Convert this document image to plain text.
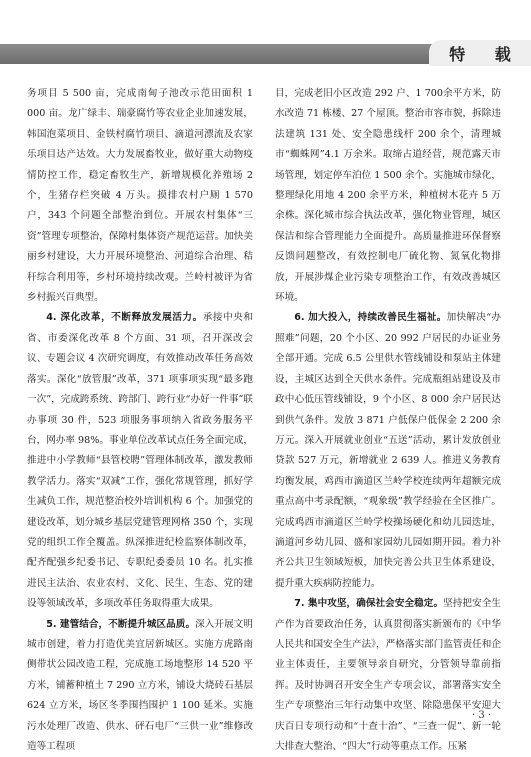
特 载

务项目 5 500 亩，完成南甸子池改示范田面积 1 000 亩。龙广绿丰、瑞豪腐竹等农业企业加速发展，韩国泡菜项目、金铁村腐竹项目、滴道河漂流及农家乐项目达产达效。大力发展畜牧业，做好重大动物疫情防控工作，稳定畜牧生产，新增规模化养殖场 2 个，生猪存栏突破 4 万头。摸排农村户厕 1 570 户，343 个问题全部整治到位。开展农村集体“三资”管理专项整治，保障村集体资产规范运营。加快美丽乡村建设，大力开展环境整治、河道综合治理、秸秆综合利用等，乡村环境持续改观。兰岭村被评为省乡村振兴百典型。

4. 深化改革，不断释放发展活力。承接中央和省、市委深化改革 8 个方面、31 项，召开深改会议、专题会议 4 次研究调度，有效推动改革任务高效落实。深化“放管服”改革，371 项事项实现“最多跑一次”，完成跨系统、跨部门、跨行业“办好一件事”联办事项 30 件，523 项服务事项纳入省政务服务平台，网办率 98%。事业单位改革试点任务全面完成，推进中小学教师“县管校聘”管理体制改革，激发教师教学活力。落实“双减”工作，强化常规管理，抓好学生减负工作，规范整治校外培训机构 6 个。加强党的建设改革，划分城乡基层党建管理网格 350 个，实现党的组织工作全覆盖。纵深推进纪检监察体制改革，配齐配强乡纪委书记、专职纪委委员 10 名。扎实推进民主法治、农业农村、文化、民生、生态、党的建设等领域改革，多项改革任务取得重大成果。

5. 建管结合，不断提升城区品质。深入开展文明城市创建，着力打造优美宜居新城区。实施方虎路南侧带状公园改造工程，完成施工场地整形 14 520 平方米，铺蓄种植土 7 290 立方米，铺设大烧砖石基层 624 立方米，场区冬季围挡围护 1 100 延米。实施污水处理厂改造、供水、砰石电厂“三供一业”维修改造等工程项

目，完成老旧小区改造 292 户、1 700余平方米，防水改造 71 栋楼、27 个屋顶。整治市容市貌，拆除违法建筑 131 处、安全隐患线杆 200 余个，清理城市“蜘蛛网”4.1 万余米。取缔占道经营，规范露天市场管理，划定停车泊位 1 500 余个。实施城市绿化，整理绿化用地 4 200 余平方米，种植树木花卉 5 万余株。深化城市综合执法改革，强化物业管理，城区保洁和综合管理能力全面提升。高质量推进环保督察反馈问题整改，有效控制电厂硫化物、氮氧化物排放，开展涉煤企业污染专项整治工作，有效改善城区环境。

6. 加大投入，持续改善民生福祉。加快解决“办照难”问题，20 个小区、20 992 户居民的办证业务全部开通。完成 6.5 公里供水管线铺设和泵站主体建设，主城区达到全天供水条件。完成瓶组站建设及市政中心低压管线铺设，9 个小区、8 000 余户居民达到供气条件。发放 3 871 户低保户低保金 2 200 余万元。深入开展就业创业“五送”活动，累计发放创业贷款 527 万元，新增就业 2 639 人。推进义务教育均衡发展，鸡西市滴道区兰岭学校连续两年超额完成重点高中考录配额，“观象级”教学经验在全区推广。完成鸡西市滴道区兰岭学校操场硬化和幼儿园迭址，滴道河乡幼儿园、盛和家园幼儿园如期开园。着力补齐公共卫生领域短板，加快完善公共卫生体系建设，提升重大疾病防控能力。

7. 集中攻坚，确保社会安全稳定。坚持把安全生产作为首要政治任务，认真贯彻落实新颁布的《中华人民共和国安全生产法》，严格落实部门监管责任和企业主体责任，主要领导亲自研究，分管领导靠前指挥。及时协调召开安全生产专项会议，部署落实安全生产专项整治三年行动集中攻坚、除隐患保平安迎大庆百日专项行动和“十查十治”、“三查一促”、新一轮大排查大整治、“四大”行动等重点工作。压紧

· 3 ·
